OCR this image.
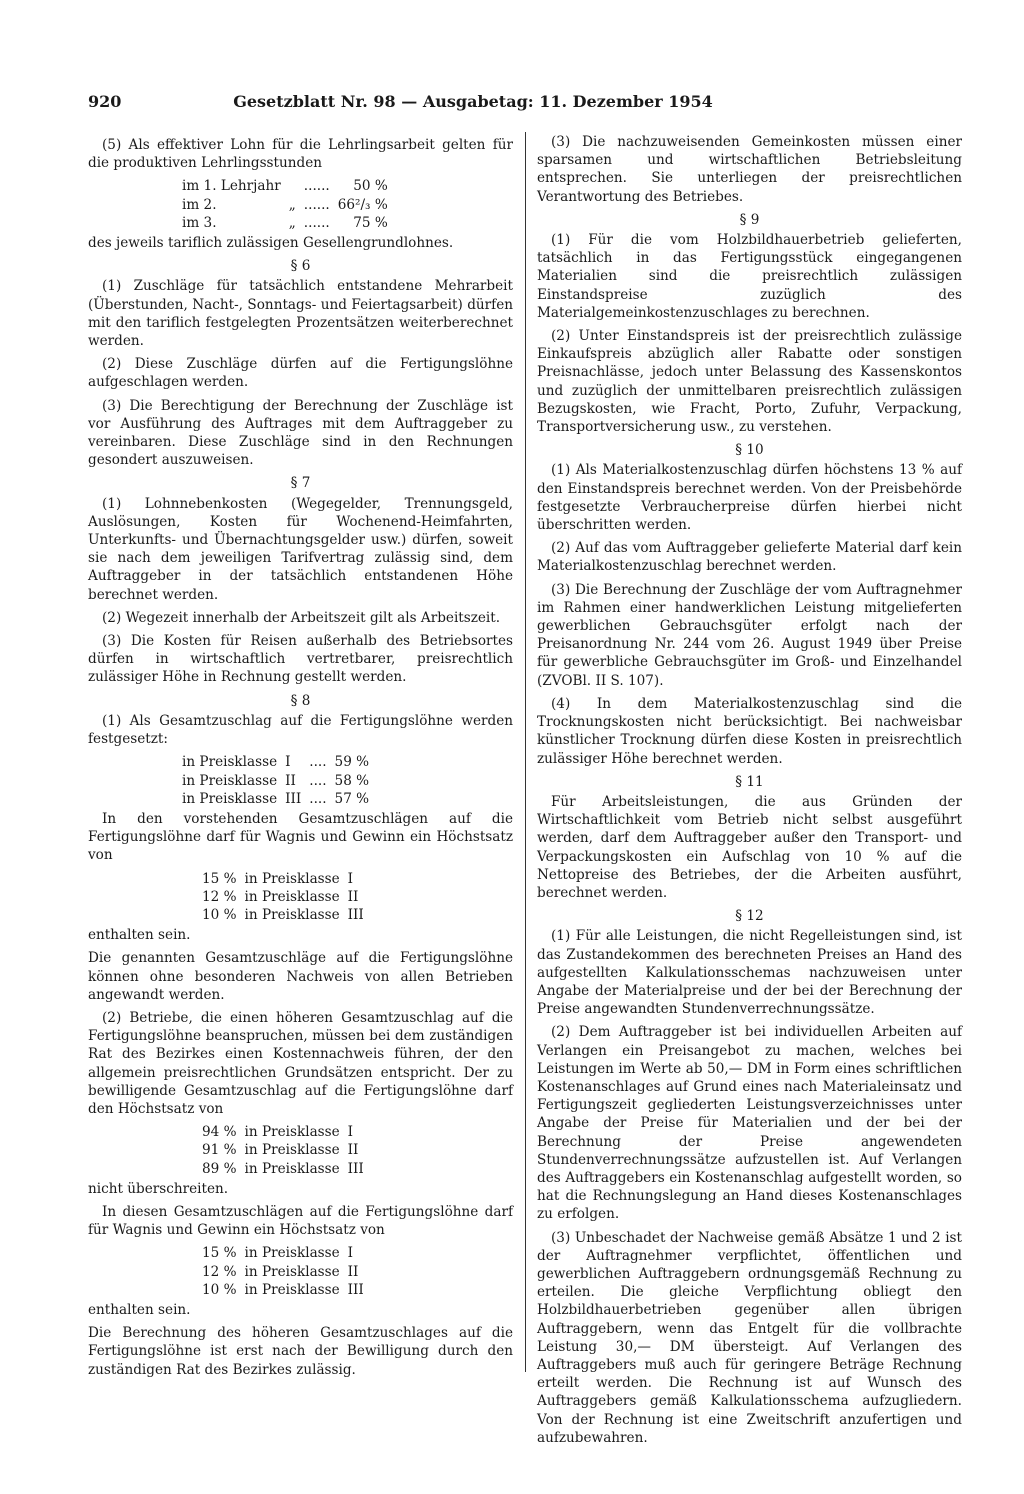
920	Gesetzblatt Nr. 98 — Ausgabetag: 11. Dezember 1954

(5) Als effektiver Lohn für die Lehrlingsarbeit gelten für die produktiven Lehrlingsstunden

im 1. Lehrjahr		......	50 %
im 2.	„	......	66²/₃ %
im 3.	„	......	75 %

des jeweils tariflich zulässigen Gesellengrundlohnes.

§ 6

(1) Zuschläge für tatsächlich entstandene Mehrarbeit (Überstunden, Nacht-, Sonntags- und Feiertagsarbeit) dürfen mit den tariflich festgelegten Prozentsätzen weiterberechnet werden.

(2) Diese Zuschläge dürfen auf die Fertigungslöhne aufgeschlagen werden.

(3) Die Berechtigung der Berechnung der Zuschläge ist vor Ausführung des Auftrages mit dem Auftraggeber zu vereinbaren. Diese Zuschläge sind in den Rechnungen gesondert auszuweisen.

§ 7

(1) Lohnnebenkosten (Wegegelder, Trennungsgeld, Auslösungen, Kosten für Wochenend-Heimfahrten, Unterkunfts- und Übernachtungsgelder usw.) dürfen, soweit sie nach dem jeweiligen Tarifvertrag zulässig sind, dem Auftraggeber in der tatsächlich entstandenen Höhe berechnet werden.

(2) Wegezeit innerhalb der Arbeitszeit gilt als Arbeitszeit.

(3) Die Kosten für Reisen außerhalb des Betriebsortes dürfen in wirtschaftlich vertretbarer, preisrechtlich zulässiger Höhe in Rechnung gestellt werden.

§ 8

(1) Als Gesamtzuschlag auf die Fertigungslöhne werden festgesetzt:

in Preisklasse	I	....	59 %
in Preisklasse	II	....	58 %
in Preisklasse	III	....	57 %

In den vorstehenden Gesamtzuschlägen auf die Fertigungslöhne darf für Wagnis und Gewinn ein Höchstsatz von

15 %	in Preisklasse	I
12 %	in Preisklasse	II
10 %	in Preisklasse	III

enthalten sein.

Die genannten Gesamtzuschläge auf die Fertigungslöhne können ohne besonderen Nachweis von allen Betrieben angewandt werden.

(2) Betriebe, die einen höheren Gesamtzuschlag auf die Fertigungslöhne beanspruchen, müssen bei dem zuständigen Rat des Bezirkes einen Kostennachweis führen, der den allgemein preisrechtlichen Grundsätzen entspricht. Der zu bewilligende Gesamtzuschlag auf die Fertigungslöhne darf den Höchstsatz von

94 %	in Preisklasse	I
91 %	in Preisklasse	II
89 %	in Preisklasse	III

nicht überschreiten.

In diesen Gesamtzuschlägen auf die Fertigungslöhne darf für Wagnis und Gewinn ein Höchstsatz von

15 %	in Preisklasse	I
12 %	in Preisklasse	II
10 %	in Preisklasse	III

enthalten sein.

Die Berechnung des höheren Gesamtzuschlages auf die Fertigungslöhne ist erst nach der Bewilligung durch den zuständigen Rat des Bezirkes zulässig.

(3) Die nachzuweisenden Gemeinkosten müssen einer sparsamen und wirtschaftlichen Betriebsleitung entsprechen. Sie unterliegen der preisrechtlichen Verantwortung des Betriebes.

§ 9

(1) Für die vom Holzbildhauerbetrieb gelieferten, tatsächlich in das Fertigungsstück eingegangenen Materialien sind die preisrechtlich zulässigen Einstandspreise zuzüglich des Materialgemeinkostenzuschlages zu berechnen.

(2) Unter Einstandspreis ist der preisrechtlich zulässige Einkaufspreis abzüglich aller Rabatte oder sonstigen Preisnachlässe, jedoch unter Belassung des Kassenskontos und zuzüglich der unmittelbaren preisrechtlich zulässigen Bezugskosten, wie Fracht, Porto, Zufuhr, Verpackung, Transportversicherung usw., zu verstehen.

§ 10

(1) Als Materialkostenzuschlag dürfen höchstens 13 % auf den Einstandspreis berechnet werden. Von der Preisbehörde festgesetzte Verbraucherpreise dürfen hierbei nicht überschritten werden.

(2) Auf das vom Auftraggeber gelieferte Material darf kein Materialkostenzuschlag berechnet werden.

(3) Die Berechnung der Zuschläge der vom Auftragnehmer im Rahmen einer handwerklichen Leistung mitgelieferten gewerblichen Gebrauchsgüter erfolgt nach der Preisanordnung Nr. 244 vom 26. August 1949 über Preise für gewerbliche Gebrauchsgüter im Groß- und Einzelhandel (ZVOBl. II S. 107).

(4) In dem Materialkostenzuschlag sind die Trocknungskosten nicht berücksichtigt. Bei nachweisbar künstlicher Trocknung dürfen diese Kosten in preisrechtlich zulässiger Höhe berechnet werden.

§ 11

Für Arbeitsleistungen, die aus Gründen der Wirtschaftlichkeit vom Betrieb nicht selbst ausgeführt werden, darf dem Auftraggeber außer den Transport- und Verpackungskosten ein Aufschlag von 10 % auf die Nettopreise des Betriebes, der die Arbeiten ausführt, berechnet werden.

§ 12

(1) Für alle Leistungen, die nicht Regelleistungen sind, ist das Zustandekommen des berechneten Preises an Hand des aufgestellten Kalkulationsschemas nachzuweisen unter Angabe der Materialpreise und der bei der Berechnung der Preise angewandten Stundenverrechnungssätze.

(2) Dem Auftraggeber ist bei individuellen Arbeiten auf Verlangen ein Preisangebot zu machen, welches bei Leistungen im Werte ab 50,— DM in Form eines schriftlichen Kostenanschlages auf Grund eines nach Materialeinsatz und Fertigungszeit gegliederten Leistungsverzeichnisses unter Angabe der Preise für Materialien und der bei der Berechnung der Preise angewendeten Stundenverrechnungssätze aufzustellen ist. Auf Verlangen des Auftraggebers ein Kostenanschlag aufgestellt worden, so hat die Rechnungslegung an Hand dieses Kostenanschlages zu erfolgen.

(3) Unbeschadet der Nachweise gemäß Absätze 1 und 2 ist der Auftragnehmer verpflichtet, öffentlichen und gewerblichen Auftraggebern ordnungsgemäß Rechnung zu erteilen. Die gleiche Verpflichtung obliegt den Holzbildhauerbetrieben gegenüber allen übrigen Auftraggebern, wenn das Entgelt für die vollbrachte Leistung 30,— DM übersteigt. Auf Verlangen des Auftraggebers muß auch für geringere Beträge Rechnung erteilt werden. Die Rechnung ist auf Wunsch des Auftraggebers gemäß Kalkulationsschema aufzugliedern. Von der Rechnung ist eine Zweitschrift anzufertigen und aufzubewahren.
